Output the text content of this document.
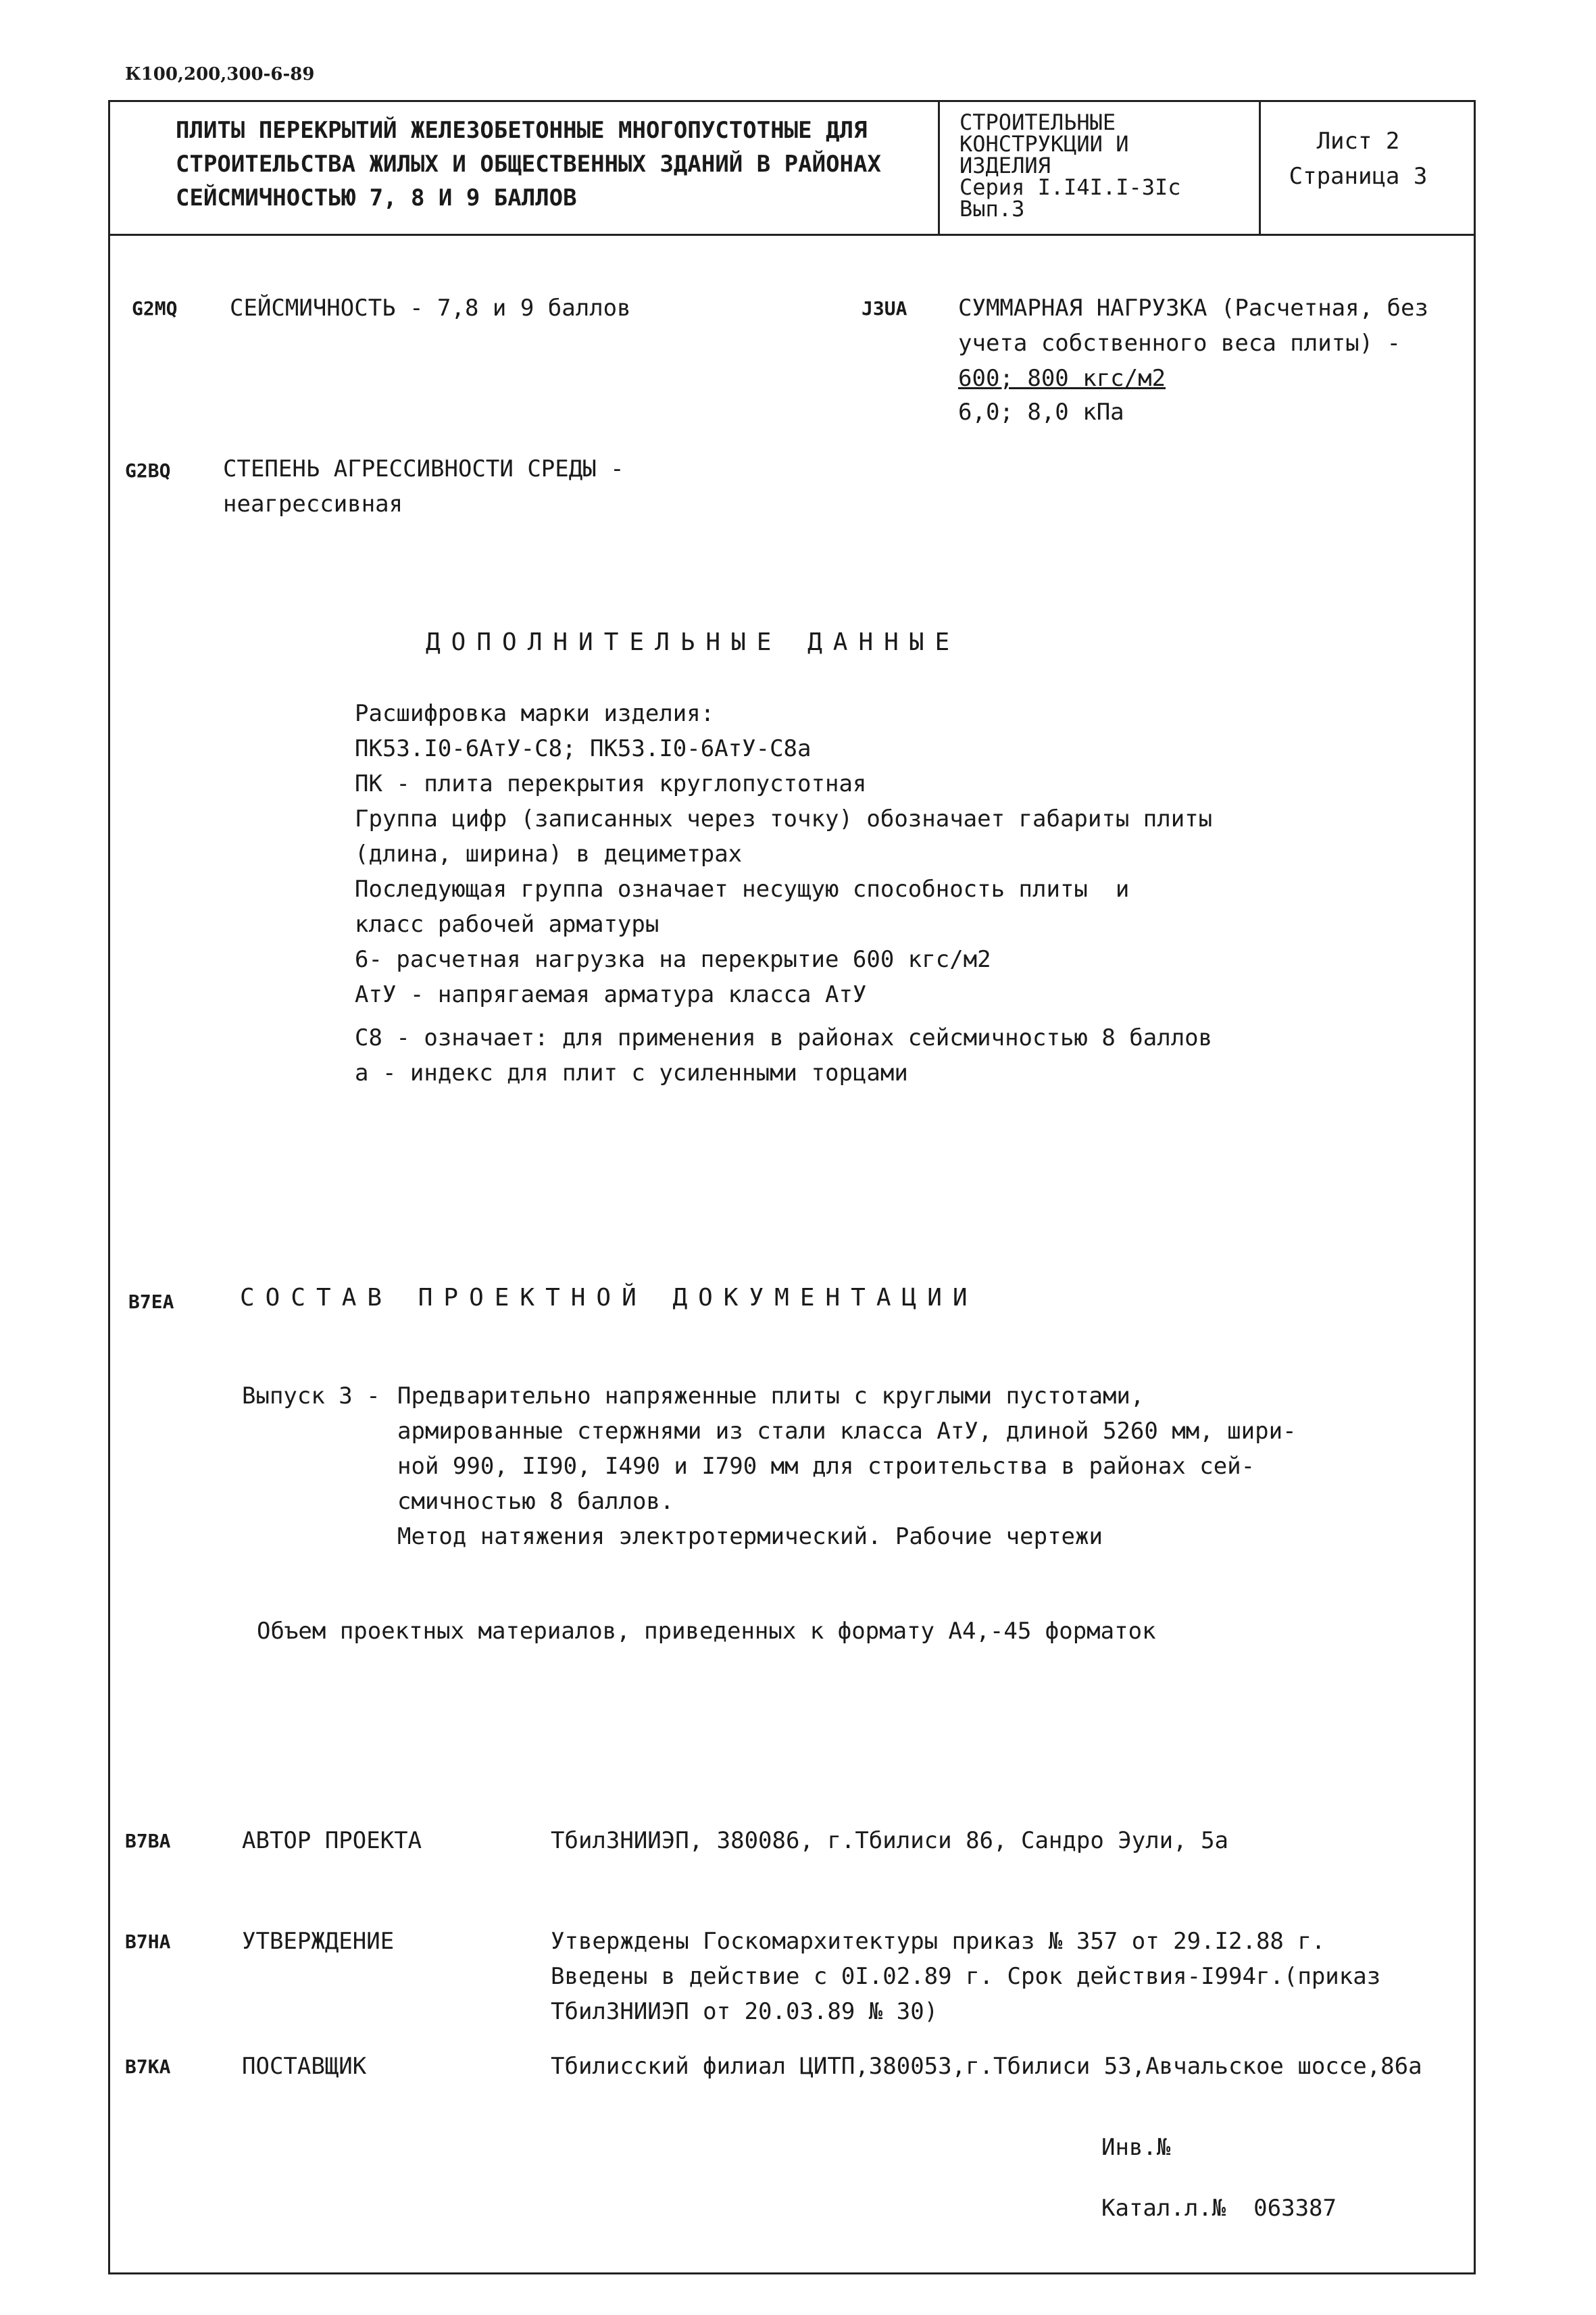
К100,200,300-6-89
ПЛИТЫ ПЕРЕКРЫТИЙ ЖЕЛЕЗОБЕТОННЫЕ МНОГОПУСТОТНЫЕ ДЛЯ
СТРОИТЕЛЬСТВА ЖИЛЫХ И ОБЩЕСТВЕННЫХ ЗДАНИЙ В РАЙОНАХ
СЕЙСМИЧНОСТЬЮ 7, 8 И 9 БАЛЛОВ
СТРОИТЕЛЬНЫЕ
КОНСТРУКЦИИ И
ИЗДЕЛИЯ
Серия I.I4I.I-3Iс
Вып.3
Лист 2
Страница 3
G2MQ СЕЙСМИЧНОСТЬ - 7,8 и 9 баллов	J3UA СУММАРНАЯ НАГРУЗКА (Расчетная, без
учета собственного веса плиты) -
600; 800 кгс/м2
6,0; 8,0 кПа
G2BQ СТЕПЕНЬ АГРЕССИВНОСТИ СРЕДЫ -
неагрессивная
ДОПОЛНИТЕЛЬНЫЕ ДАННЫЕ
Расшифровка марки изделия:
ПК53.I0-6АтУ-С8; ПК53.I0-6АтУ-С8а
ПК - плита перекрытия круглопустотная
Группа цифр (записанных через точку) обозначает габариты плиты
(длина, ширина) в дециметрах
Последующая группа означает несущую способность плиты  и
класс рабочей арматуры
6- расчетная нагрузка на перекрытие 600 кгс/м2
АтУ - напрягаемая арматура класса АтУ
С8 - означает: для применения в районах сейсмичностью 8 баллов
а - индекс для плит с усиленными торцами
B7EA	СОСТАВ ПРОЕКТНОЙ ДОКУМЕНТАЦИИ
Выпуск 3 - Предварительно напряженные плиты с круглыми пустотами,
армированные стержнями из стали класса АтУ, длиной 5260 мм, шири-
ной 990, II90, I490 и I790 мм для строительства в районах сей-
смичностью 8 баллов.
Метод натяжения электротермический. Рабочие чертежи
Объем проектных материалов, приведенных к формату А4,-45 форматок
B7BA	АВТОР ПРОЕКТА	ТбилЗНИИЭП, 380086, г.Тбилиси 86, Сандро Эули, 5а
B7HA	УТВЕРЖДЕНИЕ	Утверждены Госкомархитектуры приказ № 357 от 29.I2.88 г.
Введены в действие с 0I.02.89 г. Срок действия-I994г.(приказ
ТбилЗНИИЭП от 20.03.89 № 30)
B7KA	ПОСТАВЩИК	Тбилисский филиал ЦИТП,380053,г.Тбилиси 53,Авчальское шоссе,86а
Инв.№
Катал.л.№  063387
